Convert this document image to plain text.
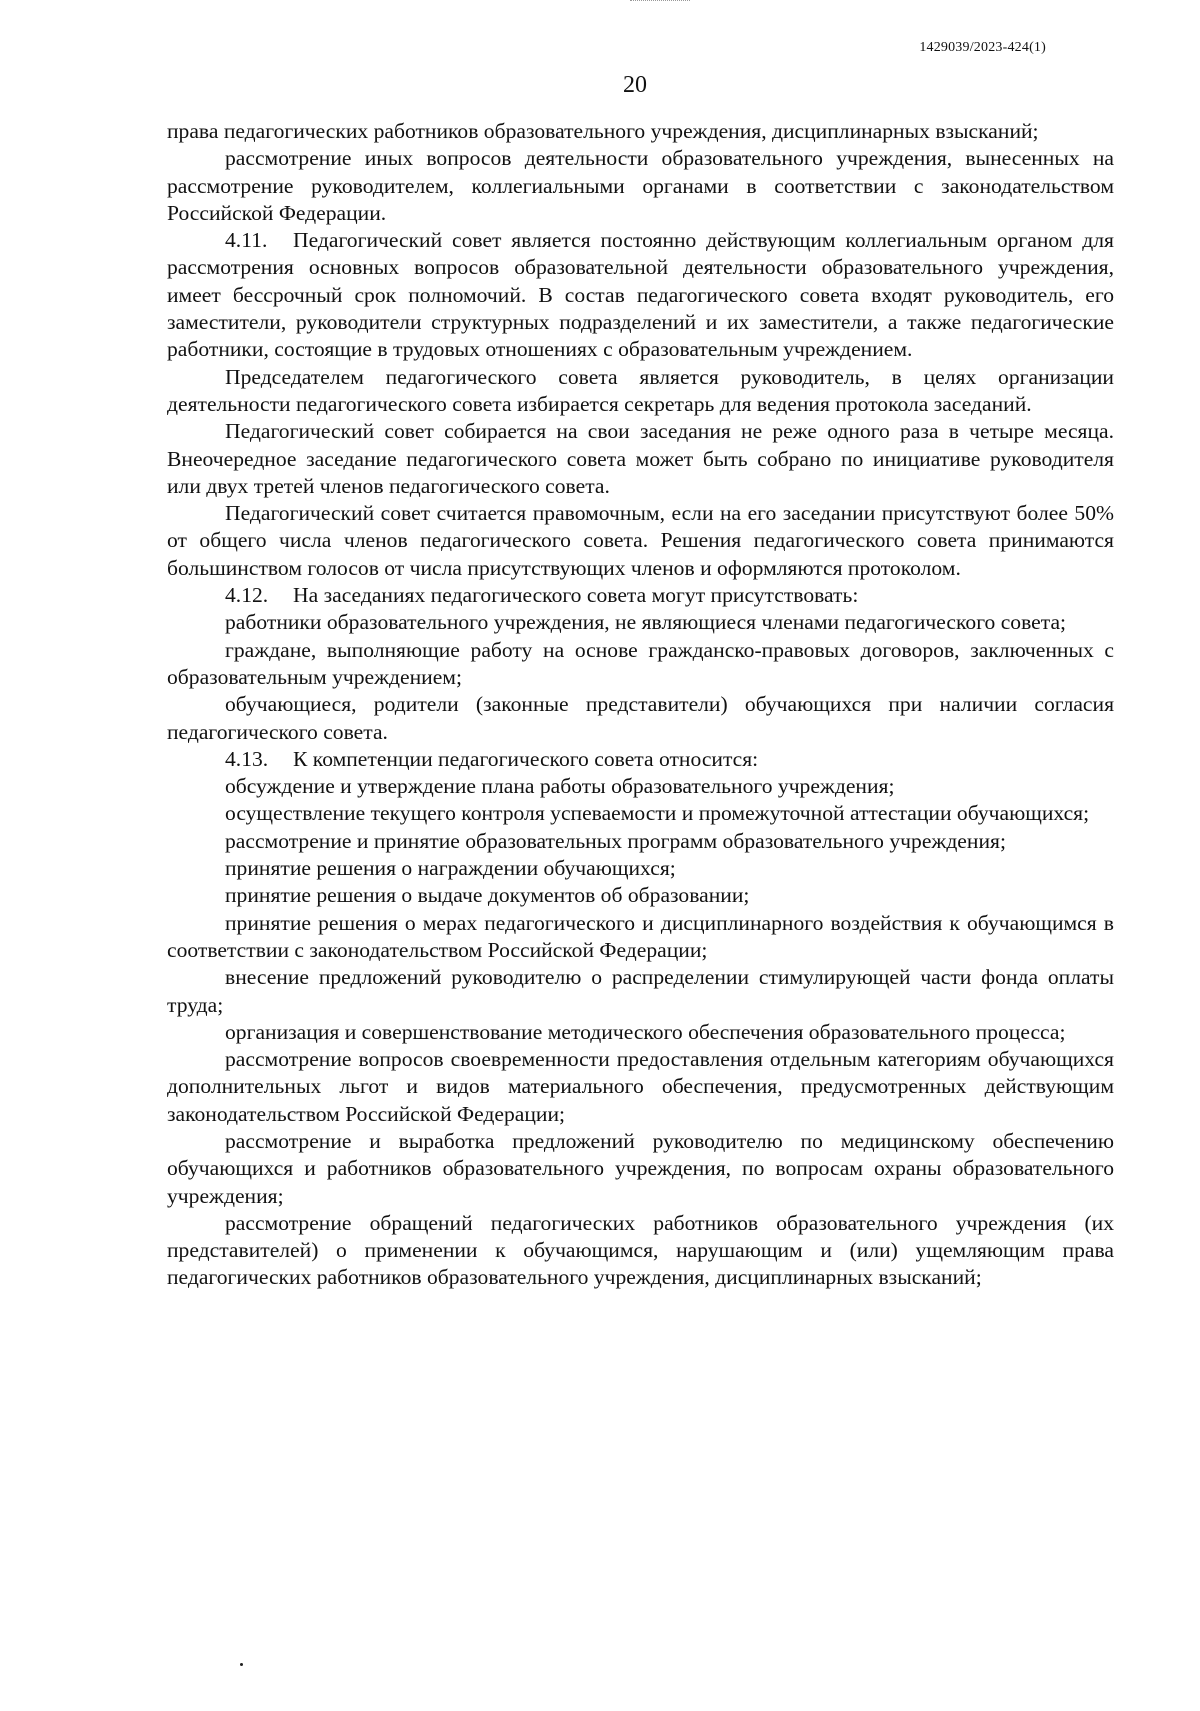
1429039/2023-424(1)
20

права педагогических работников образовательного учреждения, дисциплинарных взысканий;

рассмотрение иных вопросов деятельности образовательного учреждения, вынесенных на рассмотрение руководителем, коллегиальными органами в соответствии с законодательством Российской Федерации.

4.11. Педагогический совет является постоянно действующим коллегиальным органом для рассмотрения основных вопросов образовательной деятельности образовательного учреждения, имеет бессрочный срок полномочий. В состав педагогического совета входят руководитель, его заместители, руководители структурных подразделений и их заместители, а также педагогические работники, состоящие в трудовых отношениях с образовательным учреждением.

Председателем педагогического совета является руководитель, в целях организации деятельности педагогического совета избирается секретарь для ведения протокола заседаний.

Педагогический совет собирается на свои заседания не реже одного раза в четыре месяца. Внеочередное заседание педагогического совета может быть собрано по инициативе руководителя или двух третей членов педагогического совета.

Педагогический совет считается правомочным, если на его заседании присутствуют более 50% от общего числа членов педагогического совета. Решения педагогического совета принимаются большинством голосов от числа присутствующих членов и оформляются протоколом.

4.12. На заседаниях педагогического совета могут присутствовать:

работники образовательного учреждения, не являющиеся членами педагогического совета;

граждане, выполняющие работу на основе гражданско-правовых договоров, заключенных с образовательным учреждением;

обучающиеся, родители (законные представители) обучающихся при наличии согласия педагогического совета.

4.13. К компетенции педагогического совета относится:

обсуждение и утверждение плана работы образовательного учреждения;

осуществление текущего контроля успеваемости и промежуточной аттестации обучающихся;

рассмотрение и принятие образовательных программ образовательного учреждения;

принятие решения о награждении обучающихся;

принятие решения о выдаче документов об образовании;

принятие решения о мерах педагогического и дисциплинарного воздействия к обучающимся в соответствии с законодательством Российской Федерации;

внесение предложений руководителю о распределении стимулирующей части фонда оплаты труда;

организация и совершенствование методического обеспечения образовательного процесса;

рассмотрение вопросов своевременности предоставления отдельным категориям обучающихся дополнительных льгот и видов материального обеспечения, предусмотренных действующим законодательством Российской Федерации;

рассмотрение и выработка предложений руководителю по медицинскому обеспечению обучающихся и работников образовательного учреждения, по вопросам охраны образовательного учреждения;

рассмотрение обращений педагогических работников образовательного учреждения (их представителей) о применении к обучающимся, нарушающим и (или) ущемляющим права педагогических работников образовательного учреждения, дисциплинарных взысканий;
